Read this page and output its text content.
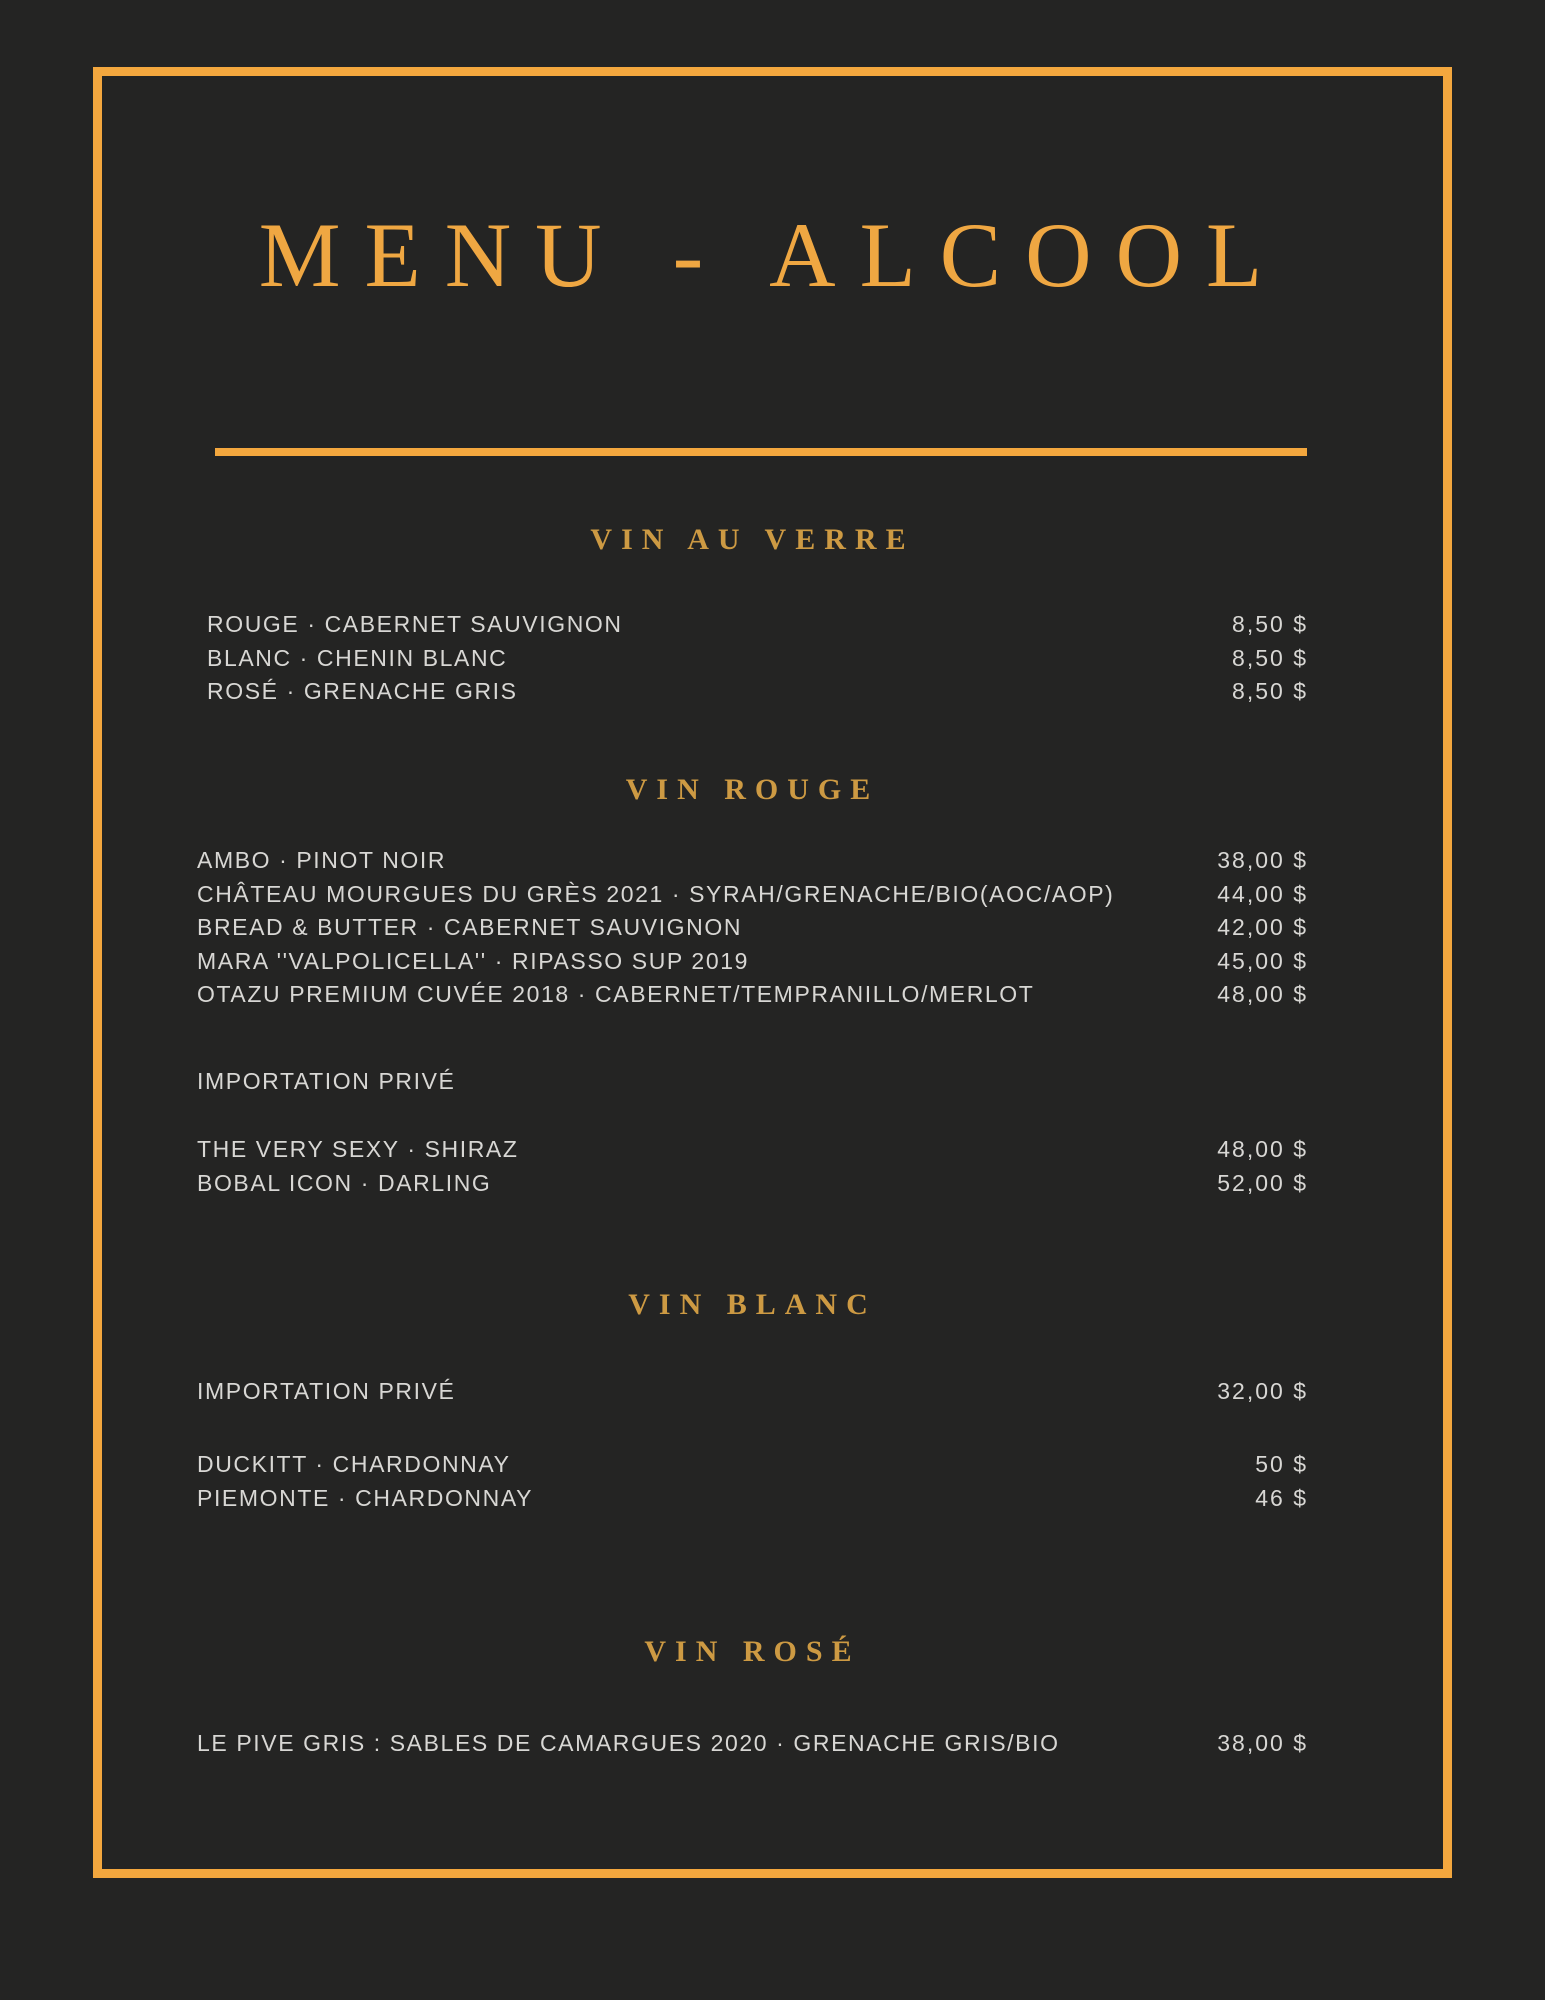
MENU - ALCOOL
VIN AU VERRE
ROUGE · CABERNET SAUVIGNON	8,50 $
BLANC · CHENIN BLANC	8,50 $
ROSÉ · GRENACHE GRIS	8,50 $
VIN ROUGE
AMBO · PINOT NOIR	38,00 $
CHÂTEAU MOURGUES DU GRÈS 2021 · SYRAH/GRENACHE/BIO(AOC/AOP)	44,00 $
BREAD & BUTTER · CABERNET SAUVIGNON	42,00 $
MARA ''VALPOLICELLA'' · RIPASSO SUP 2019	45,00 $
OTAZU PREMIUM CUVÉE 2018 · CABERNET/TEMPRANILLO/MERLOT	48,00 $
IMPORTATION PRIVÉ
THE VERY SEXY · SHIRAZ	48,00 $
BOBAL ICON · DARLING	52,00 $
VIN BLANC
IMPORTATION PRIVÉ	32,00 $
DUCKITT · CHARDONNAY	50 $
PIEMONTE · CHARDONNAY	46 $
VIN ROSÉ
LE PIVE GRIS : SABLES DE CAMARGUES 2020 · GRENACHE GRIS/BIO	38,00 $
